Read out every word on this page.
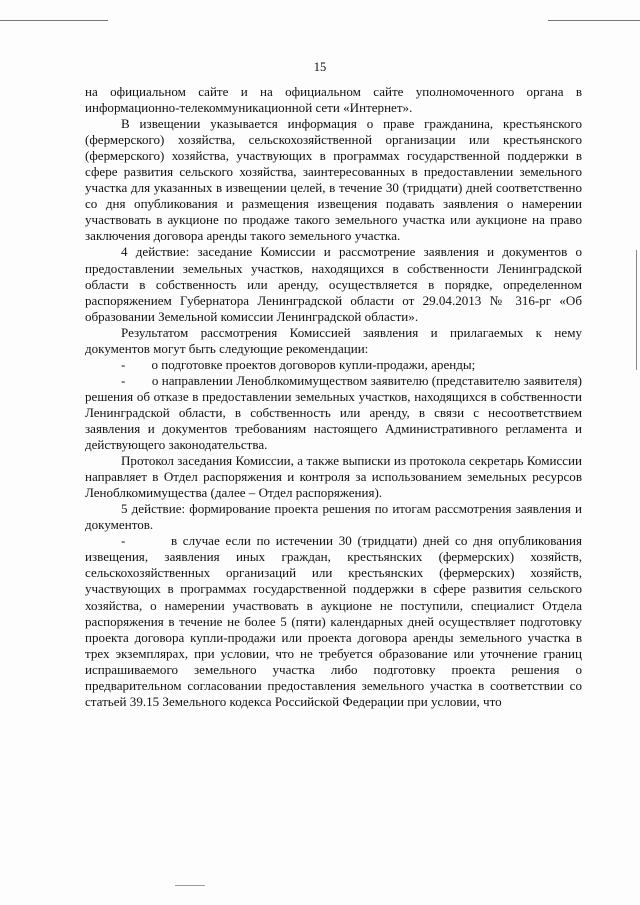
15

на официальном сайте и на официальном сайте уполномоченного органа в информационно-телекоммуникационной сети «Интернет».

В извещении указывается информация о праве гражданина, крестьянского (фермерского) хозяйства, сельскохозяйственной организации или крестьянского (фермерского) хозяйства, участвующих в программах государственной поддержки в сфере развития сельского хозяйства, заинтересованных в предоставлении земельного участка для указанных в извещении целей, в течение 30 (тридцати) дней соответственно со дня опубликования и размещения извещения подавать заявления о намерении участвовать в аукционе по продаже такого земельного участка или аукционе на право заключения договора аренды такого земельного участка.

4 действие: заседание Комиссии и рассмотрение заявления и документов о предоставлении земельных участков, находящихся в собственности Ленинградской области в собственность или аренду, осуществляется в порядке, определенном распоряжением Губернатора Ленинградской области от 29.04.2013 № 316-рг «Об образовании Земельной комиссии Ленинградской области».

Результатом рассмотрения Комиссией заявления и прилагаемых к нему документов могут быть следующие рекомендации:

-        о подготовке проектов договоров купли-продажи, аренды;

-        о направлении Леноблкомимуществом заявителю (представителю заявителя) решения об отказе в предоставлении земельных участков, находящихся в собственности Ленинградской области, в собственность или аренду, в связи с несоответствием заявления и документов требованиям настоящего Административного регламента и действующего законодательства.

Протокол заседания Комиссии, а также выписки из протокола секретарь Комиссии направляет в Отдел распоряжения и контроля за использованием земельных ресурсов Леноблкомимущества (далее – Отдел распоряжения).

5 действие: формирование проекта решения по итогам рассмотрения заявления и документов.

-        в случае если по истечении 30 (тридцати) дней со дня опубликования извещения, заявления иных граждан, крестьянских (фермерских) хозяйств, сельскохозяйственных организаций или крестьянских (фермерских) хозяйств, участвующих в программах государственной поддержки в сфере развития сельского хозяйства, о намерении участвовать в аукционе не поступили, специалист Отдела распоряжения в течение не более 5 (пяти) календарных дней осуществляет подготовку проекта договора купли-продажи или проекта договора аренды земельного участка в трех экземплярах, при условии, что не требуется образование или уточнение границ испрашиваемого земельного участка либо подготовку проекта решения о предварительном согласовании предоставления земельного участка в соответствии со статьей 39.15 Земельного кодекса Российской Федерации при условии, что
